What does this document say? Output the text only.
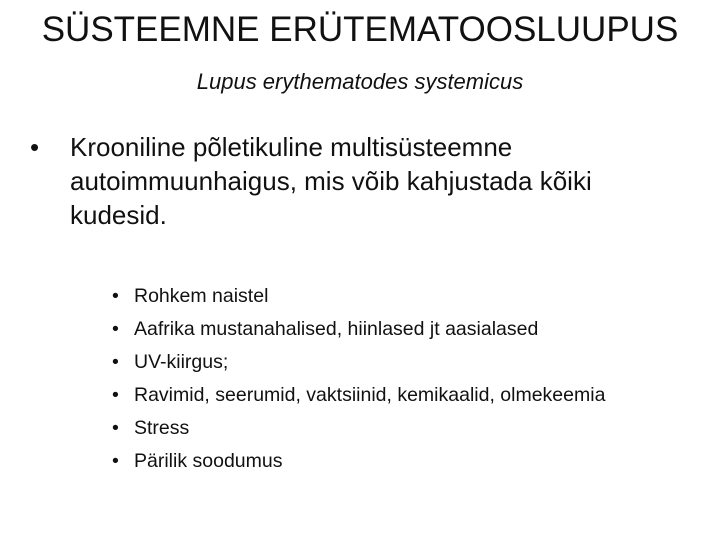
SÜSTEEMNE ERÜTEMATOOSLUUPUS

Lupus erythematodes systemicus

•	Krooniline põletikuline multisüsteemne autoimmuunhaigus, mis võib kahjustada kõiki kudesid.
• Rohkem naistel
• Aafrika mustanahalised, hiinlased jt aasialased
• UV-kiirgus;
• Ravimid, seerumid, vaktsiinid, kemikaalid, olmekeemia
• Stress
• Pärilik soodumus
